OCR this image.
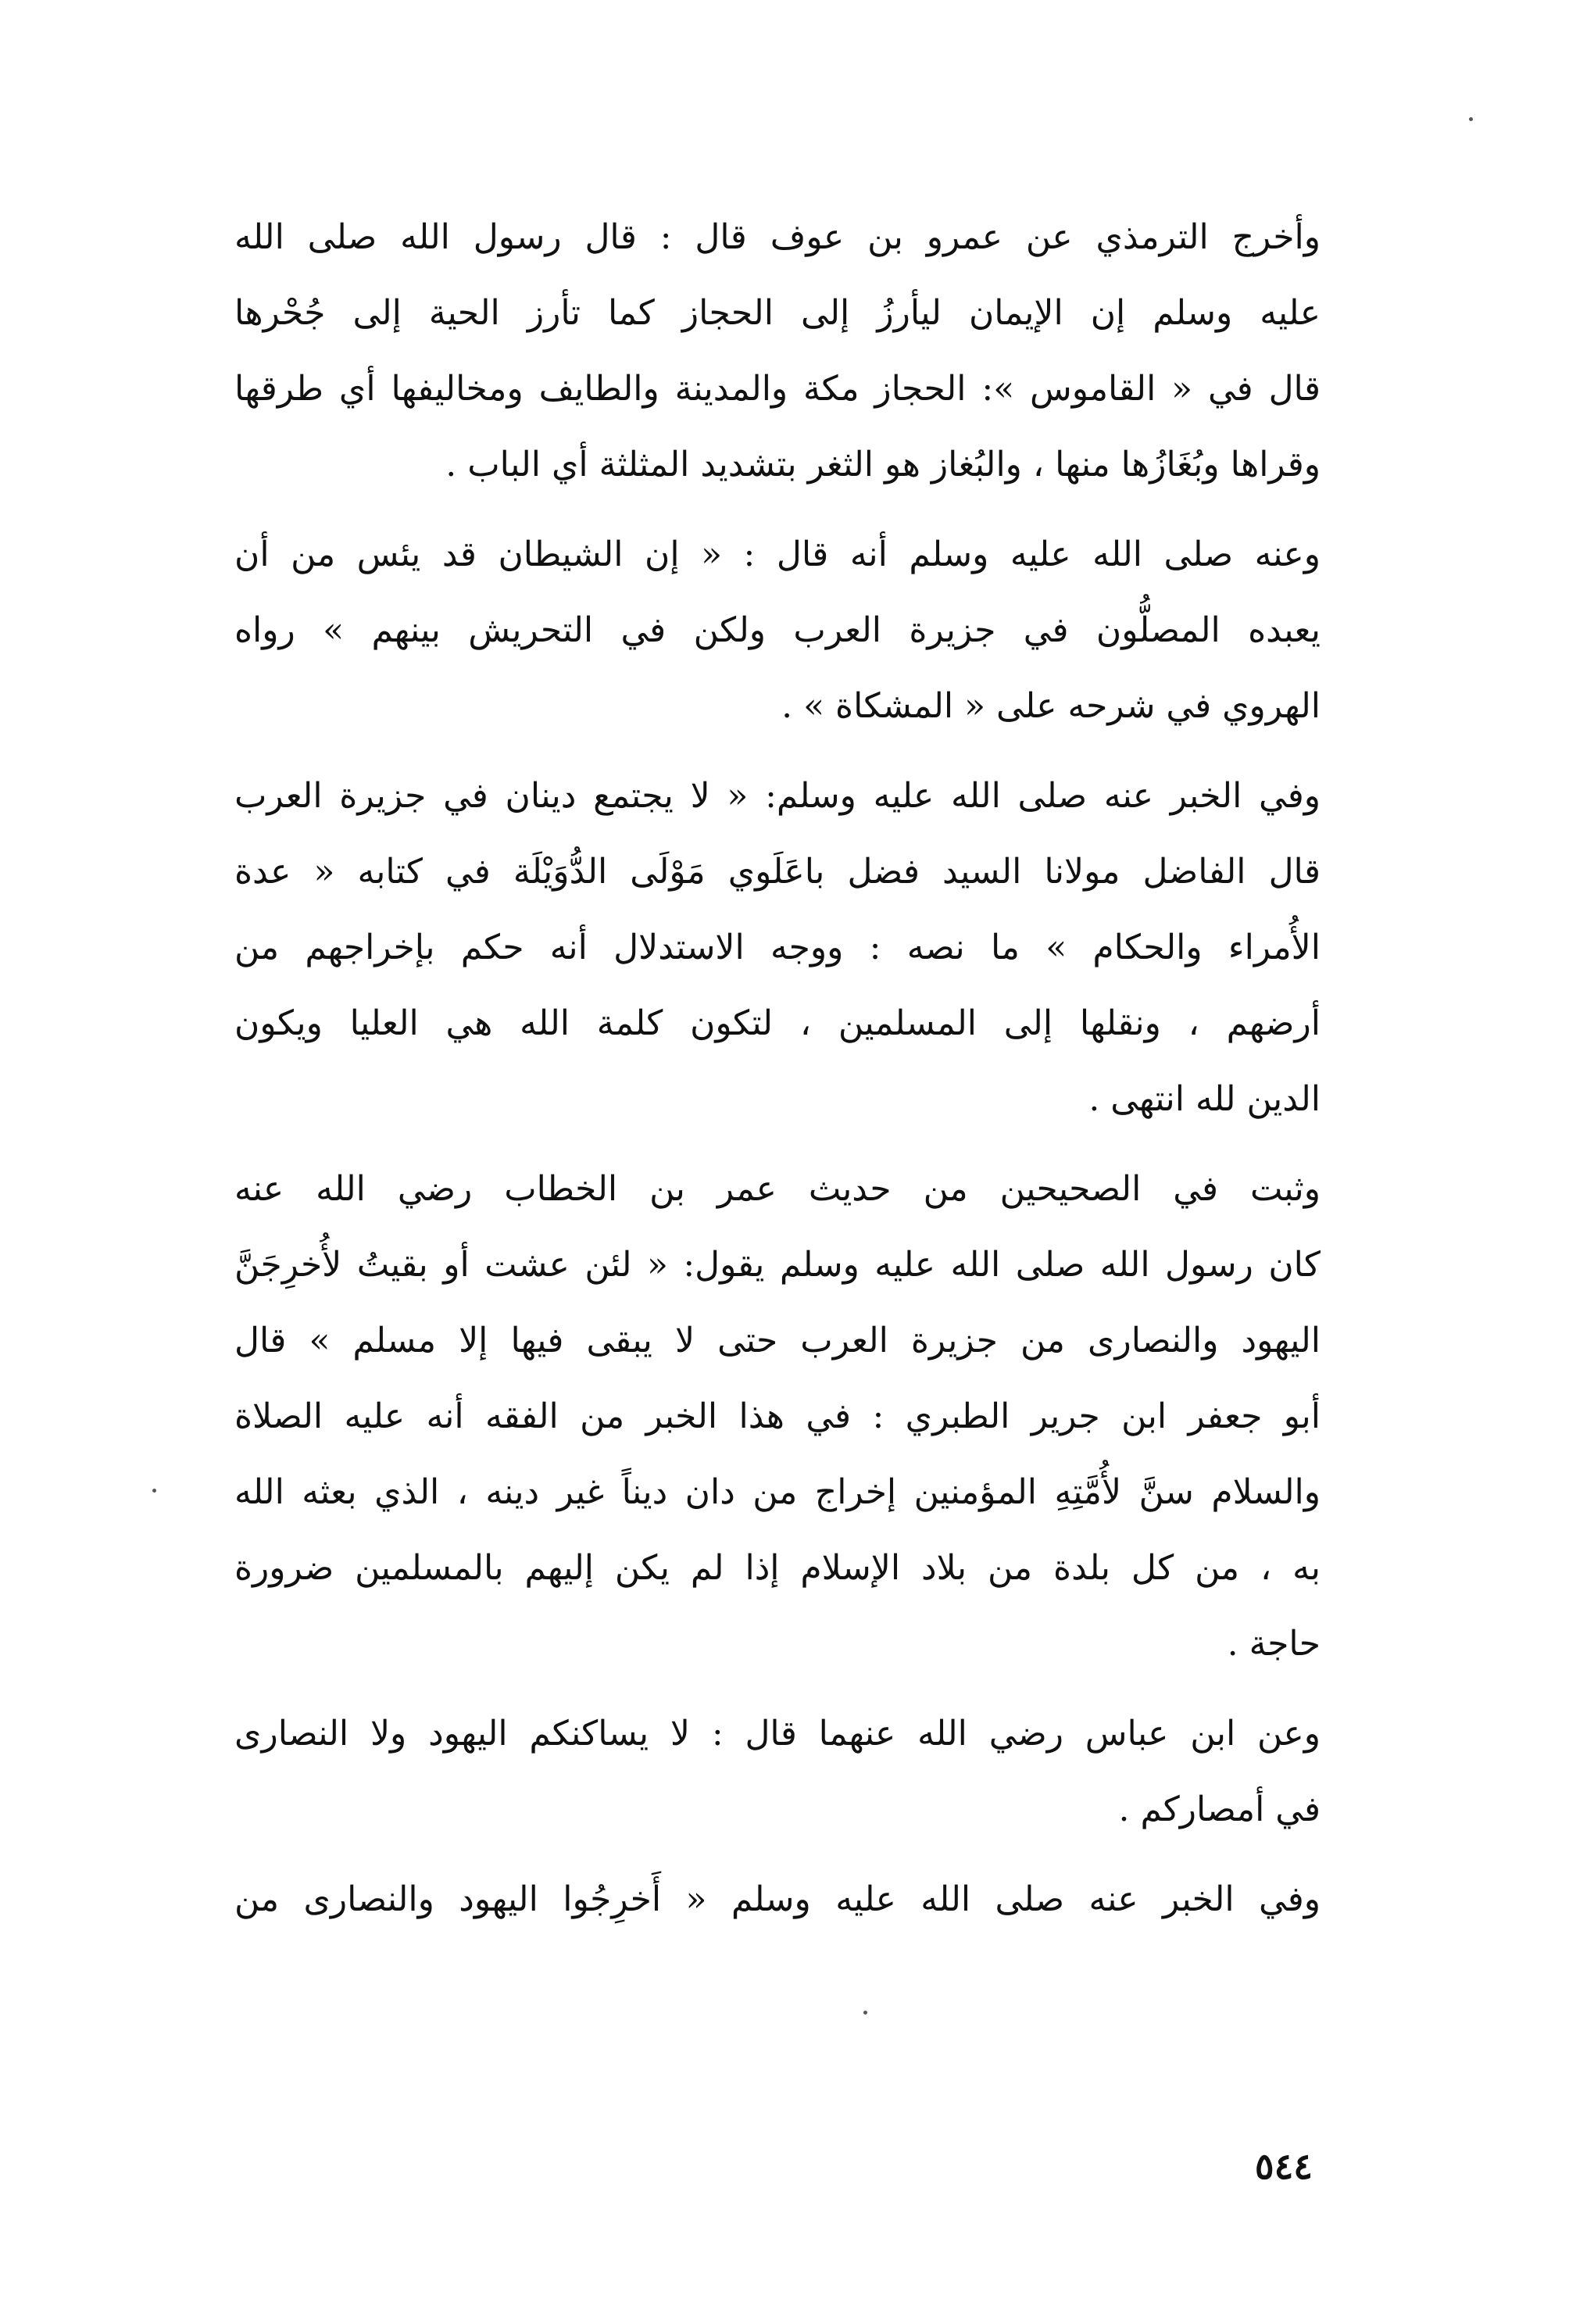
وأخرج الترمذي عن عمرو بن عوف قال : قال رسول الله صلى الله
عليه وسلم إن الإيمان ليأرزُ إلى الحجاز كما تأرز الحية إلى جُحْرها
قال في « القاموس »: الحجاز مكة والمدينة والطايف ومخاليفها أي طرقها
وقراها وبُغَازُها منها ، والبُغاز هو الثغر بتشديد المثلثة أي الباب .

وعنه صلى الله عليه وسلم أنه قال : « إن الشيطان قد يئس من أن
يعبده المصلُّون في جزيرة العرب ولكن في التحريش بينهم » رواه
الهروي في شرحه على « المشكاة » .

وفي الخبر عنه صلى الله عليه وسلم: « لا يجتمع دينان في جزيرة العرب
قال الفاضل مولانا السيد فضل باعَلَوي مَوْلَى الدُّوَيْلَة في كتابه « عدة
الأُمراء والحكام » ما نصه : ووجه الاستدلال أنه حكم بإخراجهم من
أرضهم ، ونقلها إلى المسلمين ، لتكون كلمة الله هي العليا ويكون
الدين لله انتهى .

وثبت في الصحيحين من حديث عمر بن الخطاب رضي الله عنه
كان رسول الله صلى الله عليه وسلم يقول: « لئن عشت أو بقيتُ لأُخرِجَنَّ
اليهود والنصارى من جزيرة العرب حتى لا يبقى فيها إلا مسلم » قال
أبو جعفر ابن جرير الطبري : في هذا الخبر من الفقه أنه عليه الصلاة
والسلام سنَّ لأُمَّتِهِ المؤمنين إخراج من دان ديناً غير دينه ، الذي بعثه الله
به ، من كل بلدة من بلاد الإسلام إذا لم يكن إليهم بالمسلمين ضرورة
حاجة .

وعن ابن عباس رضي الله عنهما قال : لا يساكنكم اليهود ولا النصارى
في أمصاركم .

وفي الخبر عنه صلى الله عليه وسلم « أَخرِجُوا اليهود والنصارى من

٥٤٤
